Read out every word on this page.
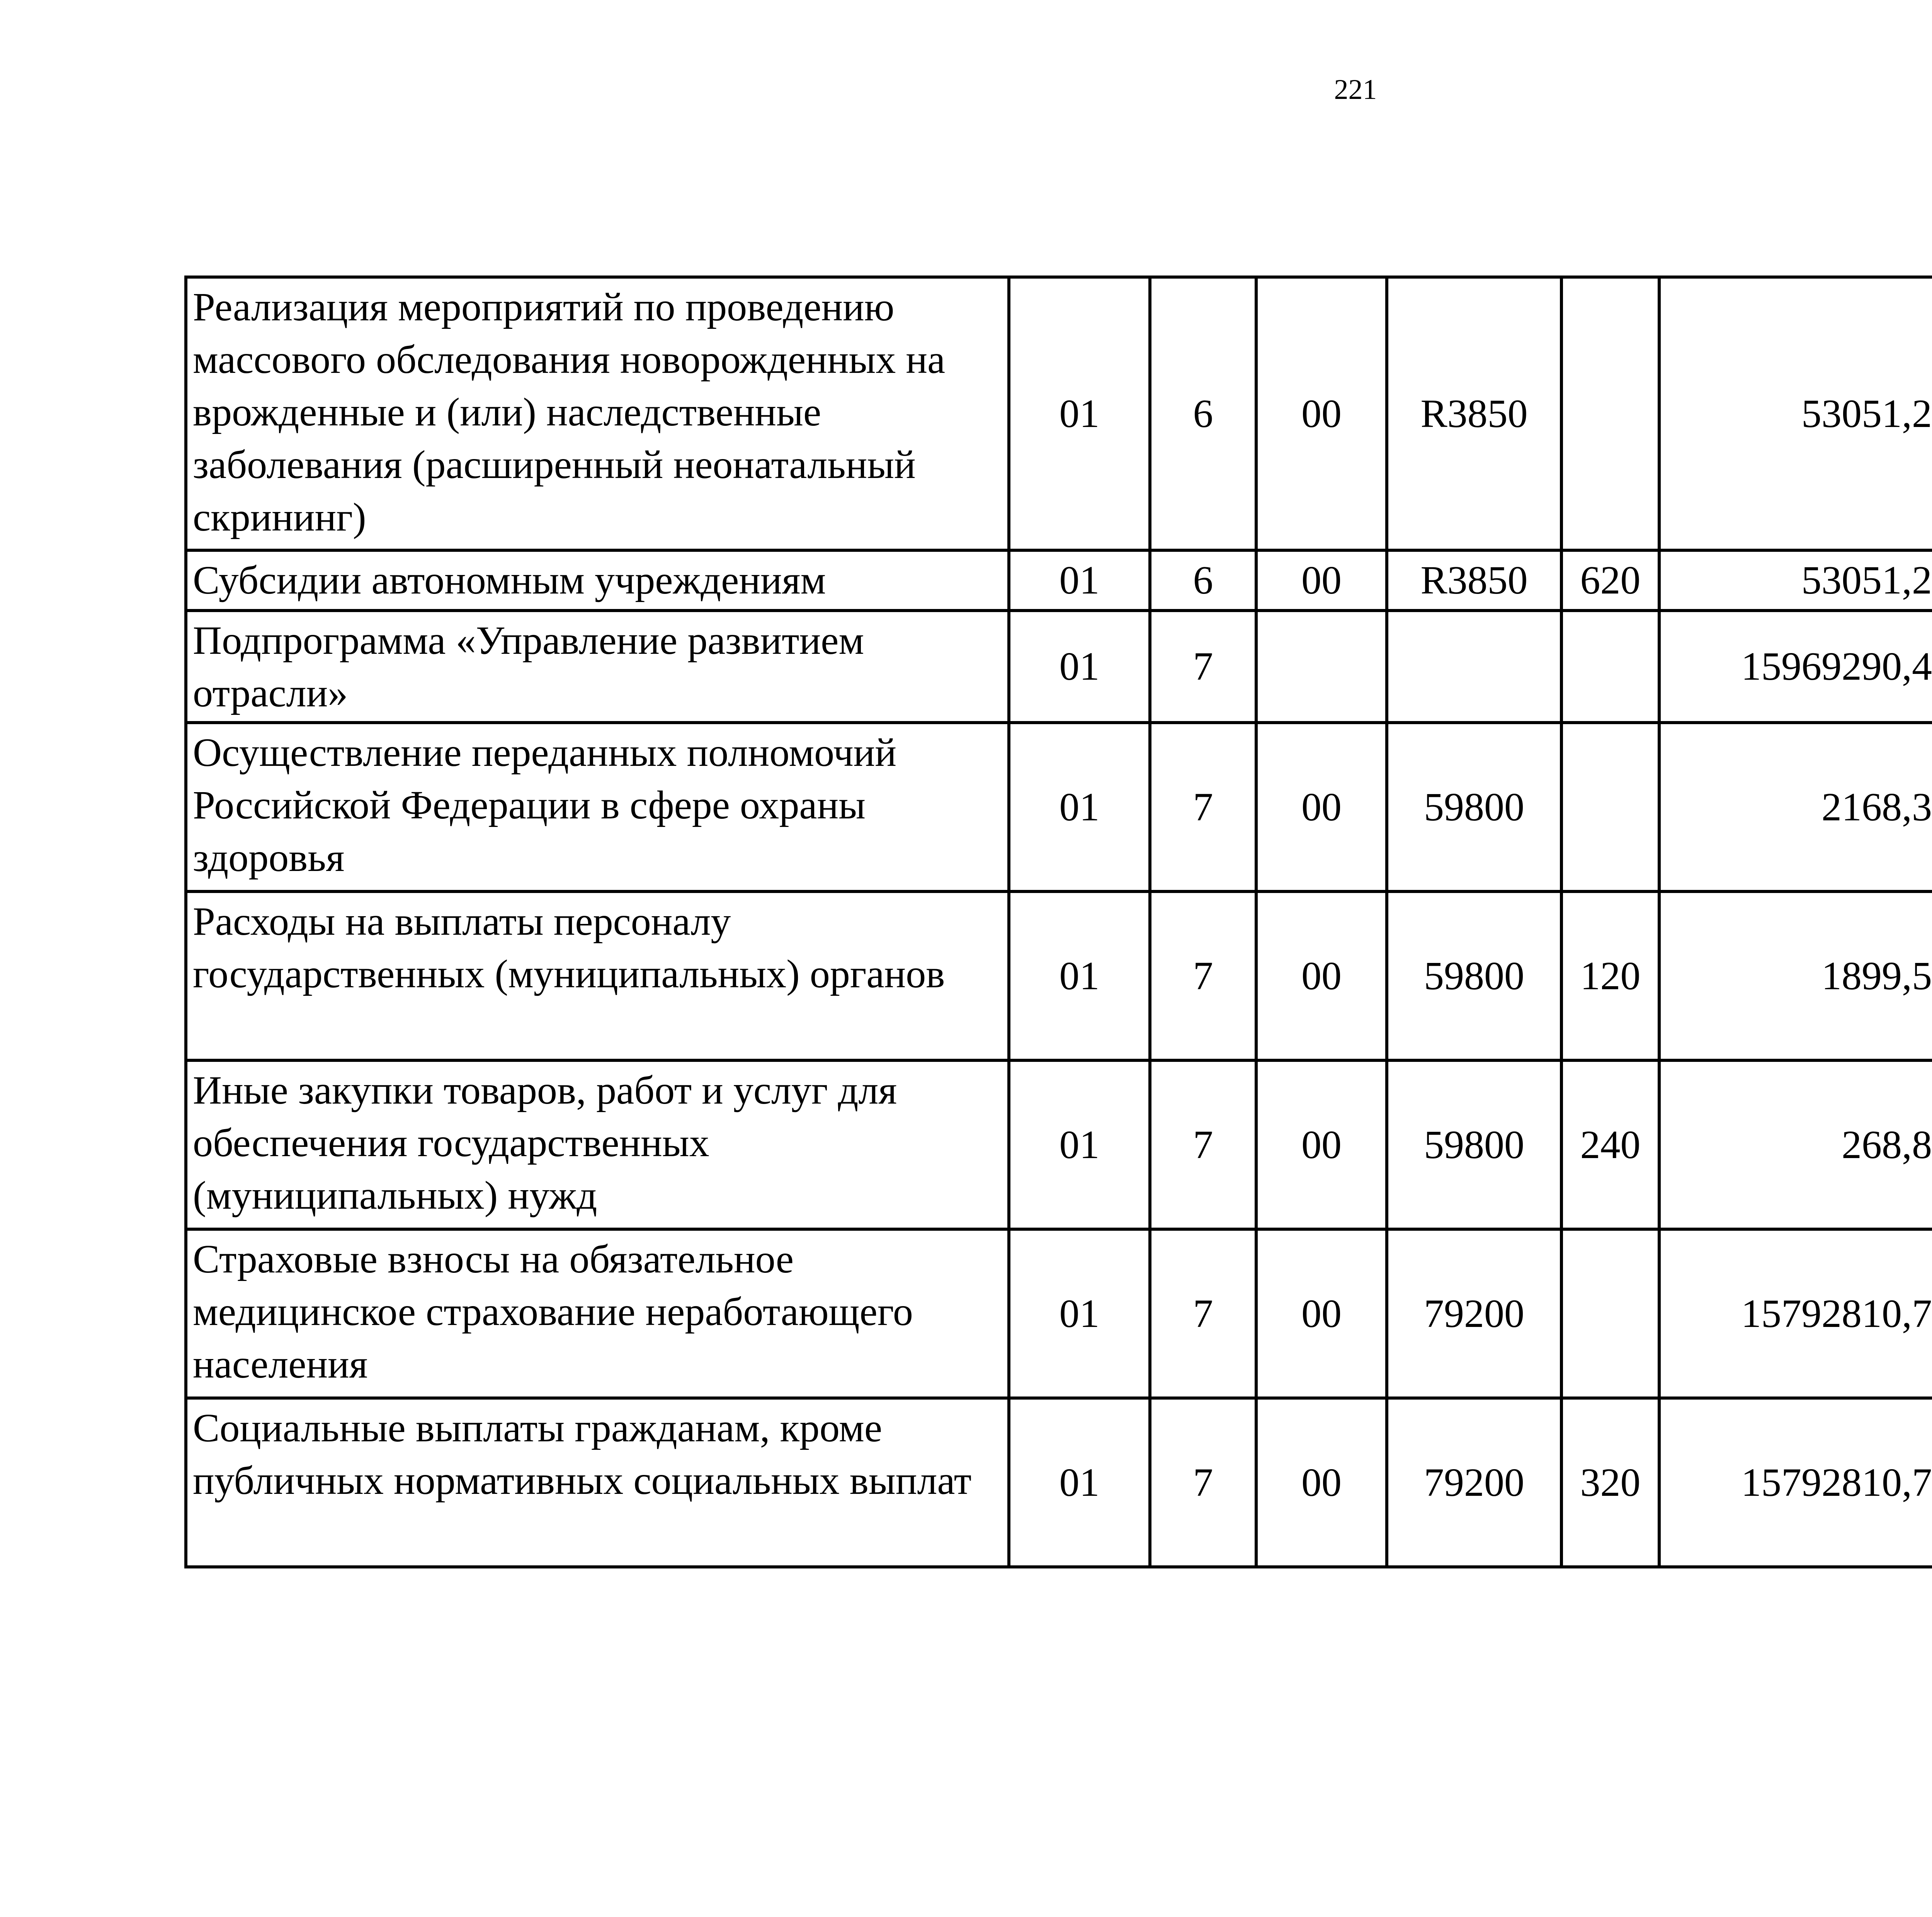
221
Реализация мероприятий по проведению массового обследования новорожденных на врожденные и (или) наследственные заболевания (расширенный неонатальный скрининг)	01	6	00	R3850		53051,2		
Субсидии автономным учреждениям	01	6	00	R3850	620	53051,2		
Подпрограмма «Управление развитием отрасли»	01	7				15969290,4		
Осуществление переданных полномочий Российской Федерации в сфере охраны здоровья	01	7	00	59800		2168,3		
Расходы на выплаты персоналу государственных (муниципальных) органов	01	7	00	59800	120	1899,5		
Иные закупки товаров, работ и услуг для обеспечения государственных (муниципальных) нужд	01	7	00	59800	240	268,8		
Страховые взносы на обязательное медицинское страхование неработающего населения	01	7	00	79200		15792810,7		
Социальные выплаты гражданам, кроме публичных нормативных социальных выплат	01	7	00	79200	320	15792810,7		
